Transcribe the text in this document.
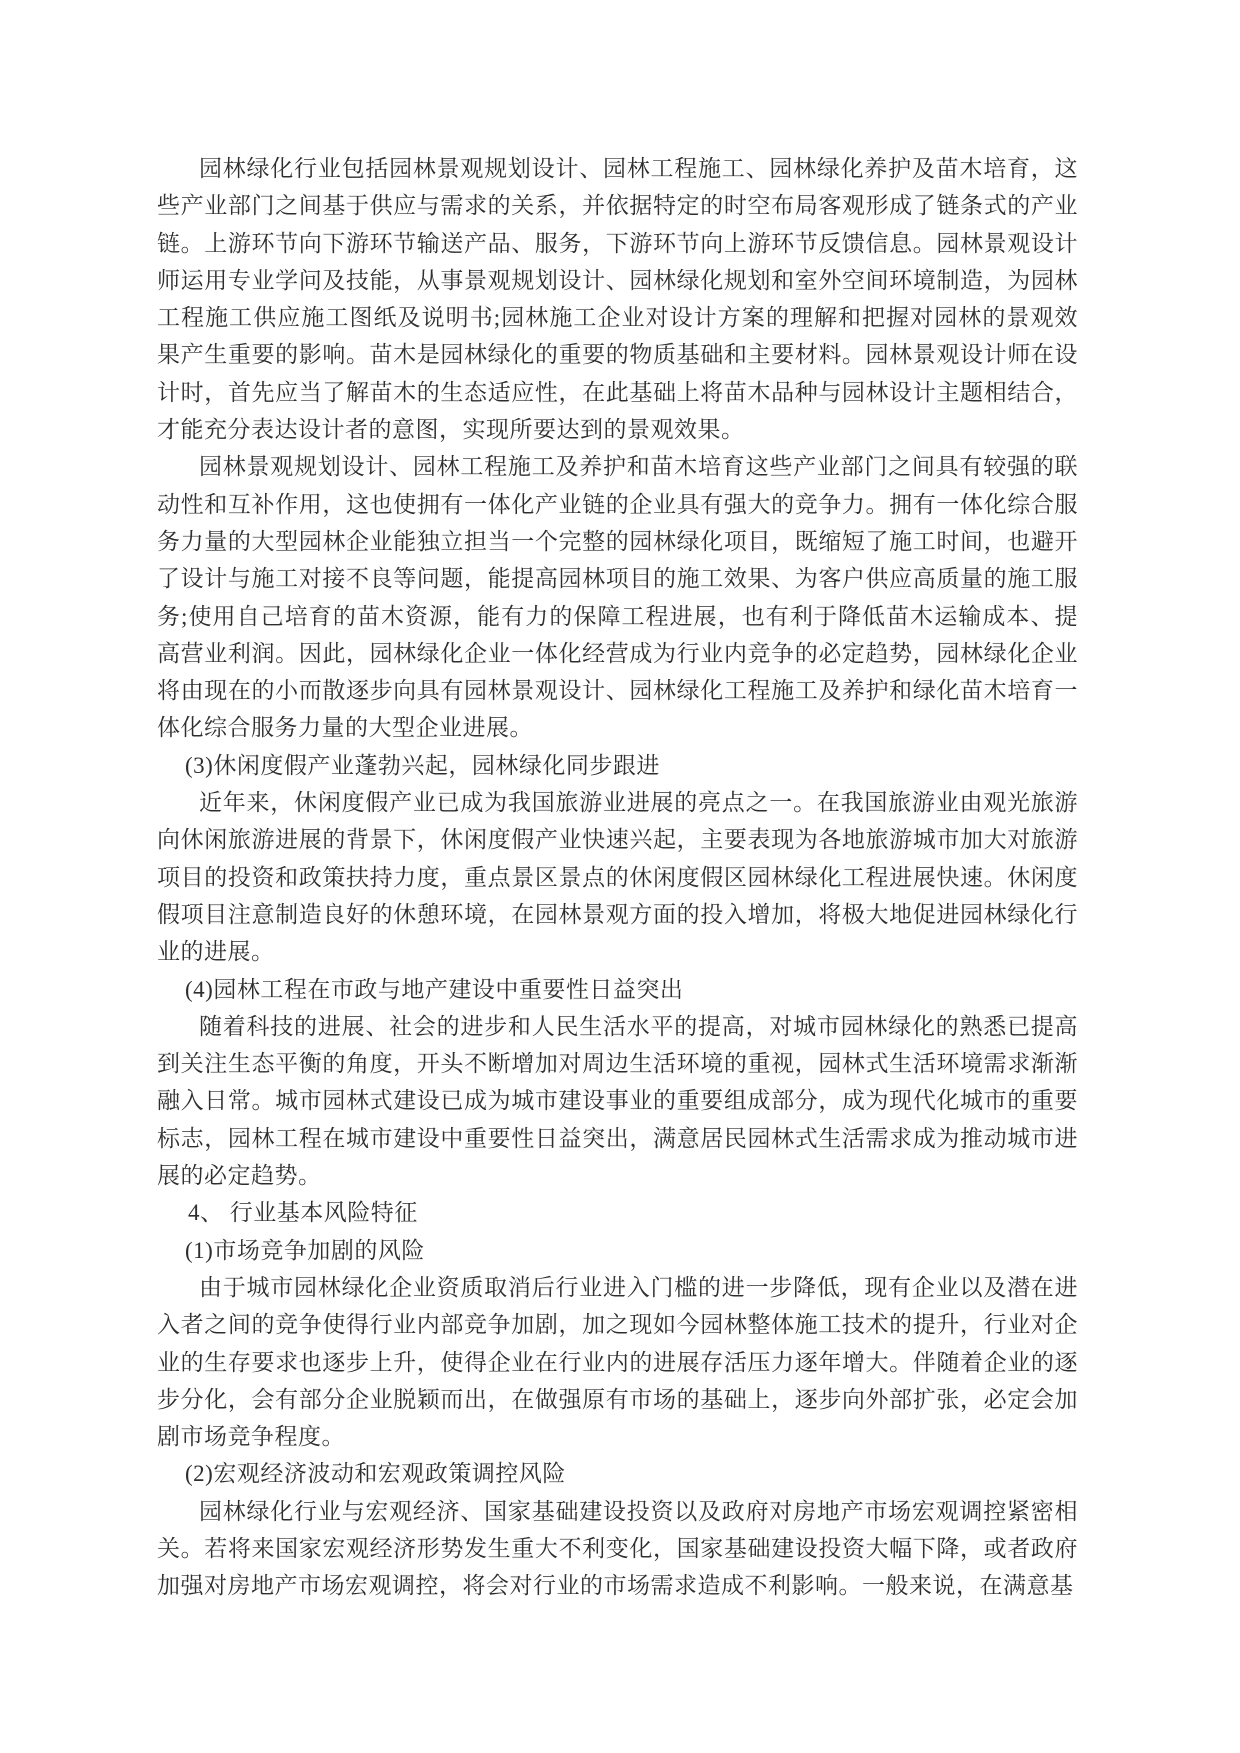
园林绿化行业包括园林景观规划设计、园林工程施工、园林绿化养护及苗木培育，这些产业部门之间基于供应与需求的关系，并依据特定的时空布局客观形成了链条式的产业链。上游环节向下游环节输送产品、服务，下游环节向上游环节反馈信息。园林景观设计师运用专业学问及技能，从事景观规划设计、园林绿化规划和室外空间环境制造，为园林工程施工供应施工图纸及说明书;园林施工企业对设计方案的理解和把握对园林的景观效果产生重要的影响。苗木是园林绿化的重要的物质基础和主要材料。园林景观设计师在设计时，首先应当了解苗木的生态适应性，在此基础上将苗木品种与园林设计主题相结合，才能充分表达设计者的意图，实现所要达到的景观效果。

园林景观规划设计、园林工程施工及养护和苗木培育这些产业部门之间具有较强的联动性和互补作用，这也使拥有一体化产业链的企业具有强大的竞争力。拥有一体化综合服务力量的大型园林企业能独立担当一个完整的园林绿化项目，既缩短了施工时间，也避开了设计与施工对接不良等问题，能提高园林项目的施工效果、为客户供应高质量的施工服务;使用自己培育的苗木资源，能有力的保障工程进展，也有利于降低苗木运输成本、提高营业利润。因此，园林绿化企业一体化经营成为行业内竞争的必定趋势，园林绿化企业将由现在的小而散逐步向具有园林景观设计、园林绿化工程施工及养护和绿化苗木培育一体化综合服务力量的大型企业进展。

(3)休闲度假产业蓬勃兴起，园林绿化同步跟进

近年来，休闲度假产业已成为我国旅游业进展的亮点之一。在我国旅游业由观光旅游向休闲旅游进展的背景下，休闲度假产业快速兴起，主要表现为各地旅游城市加大对旅游项目的投资和政策扶持力度，重点景区景点的休闲度假区园林绿化工程进展快速。休闲度假项目注意制造良好的休憩环境，在园林景观方面的投入增加，将极大地促进园林绿化行业的进展。

(4)园林工程在市政与地产建设中重要性日益突出

随着科技的进展、社会的进步和人民生活水平的提高，对城市园林绿化的熟悉已提高到关注生态平衡的角度，开头不断增加对周边生活环境的重视，园林式生活环境需求渐渐融入日常。城市园林式建设已成为城市建设事业的重要组成部分，成为现代化城市的重要标志，园林工程在城市建设中重要性日益突出，满意居民园林式生活需求成为推动城市进展的必定趋势。

4、 行业基本风险特征

(1)市场竞争加剧的风险

由于城市园林绿化企业资质取消后行业进入门槛的进一步降低，现有企业以及潜在进入者之间的竞争使得行业内部竞争加剧，加之现如今园林整体施工技术的提升，行业对企业的生存要求也逐步上升，使得企业在行业内的进展存活压力逐年增大。伴随着企业的逐步分化，会有部分企业脱颖而出，在做强原有市场的基础上，逐步向外部扩张，必定会加剧市场竞争程度。

(2)宏观经济波动和宏观政策调控风险

园林绿化行业与宏观经济、国家基础建设投资以及政府对房地产市场宏观调控紧密相关。若将来国家宏观经济形势发生重大不利变化，国家基础建设投资大幅下降，或者政府加强对房地产市场宏观调控，将会对行业的市场需求造成不利影响。一般来说，在满意基
